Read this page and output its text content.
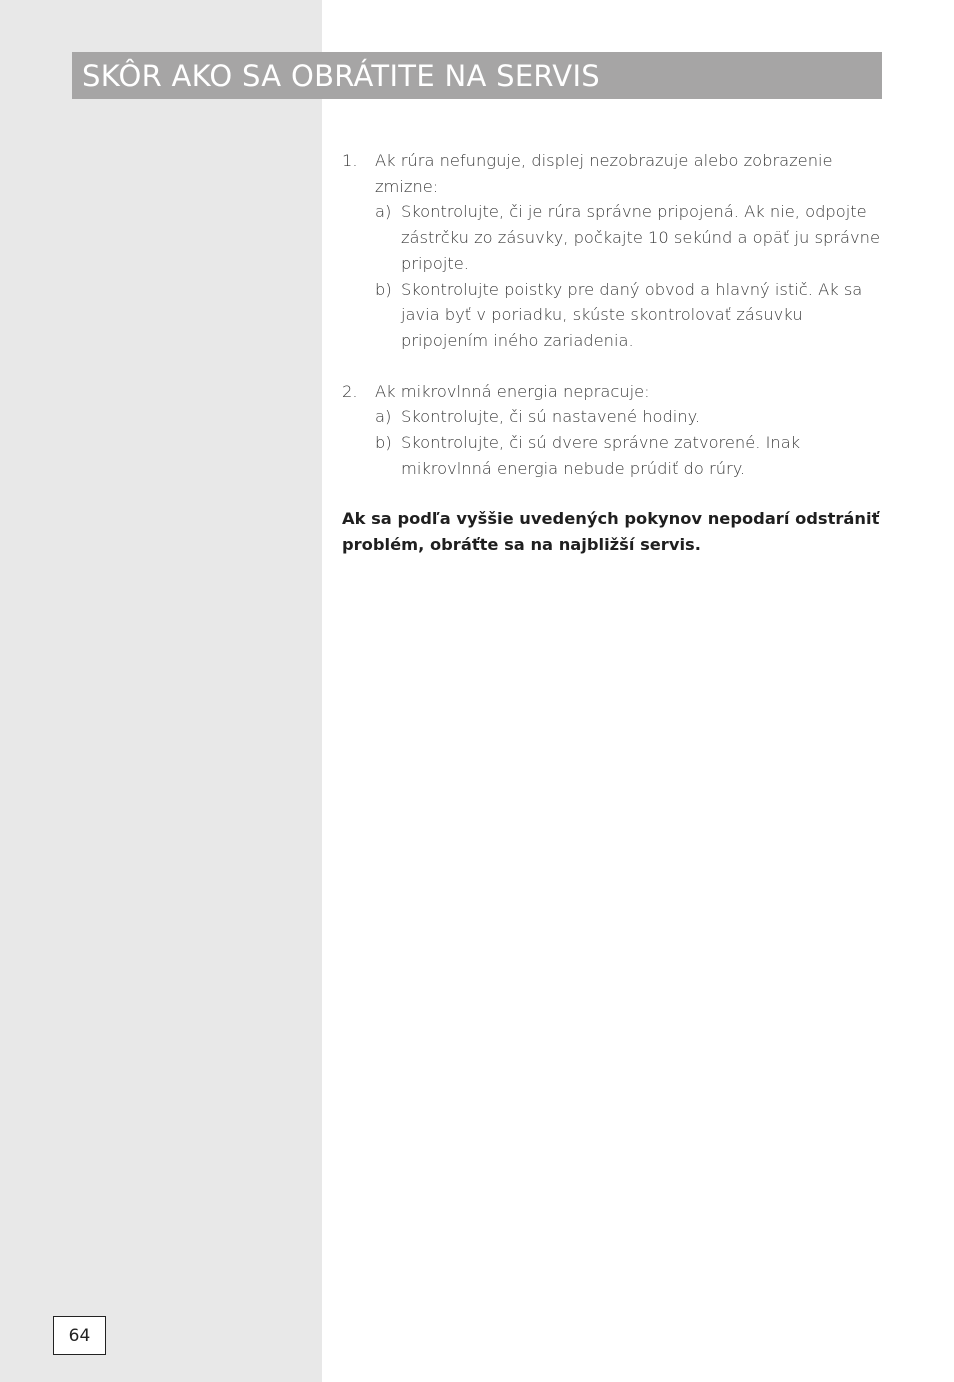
SKÔR AKO SA OBRÁTITE NA SERVIS
1. Ak rúra nefunguje, displej nezobrazuje alebo zobrazenie zmizne:
a) Skontrolujte, či je rúra správne pripojená. Ak nie, odpojte zástrčku zo zásuvky, počkajte 10 sekúnd a opäť ju správne pripojte.
b) Skontrolujte poistky pre daný obvod a hlavný istič. Ak sa javia byť v poriadku, skúste skontrolovať zásuvku pripojením iného zariadenia.
2. Ak mikrovlnná energia nepracuje:
a) Skontrolujte, či sú nastavené hodiny.
b) Skontrolujte, či sú dvere správne zatvorené. Inak mikrovlnná energia nebude prúdiť do rúry.
Ak sa podľa vyššie uvedených pokynov nepodarí odstrániť problém, obráťte sa na najbližší servis.
64
